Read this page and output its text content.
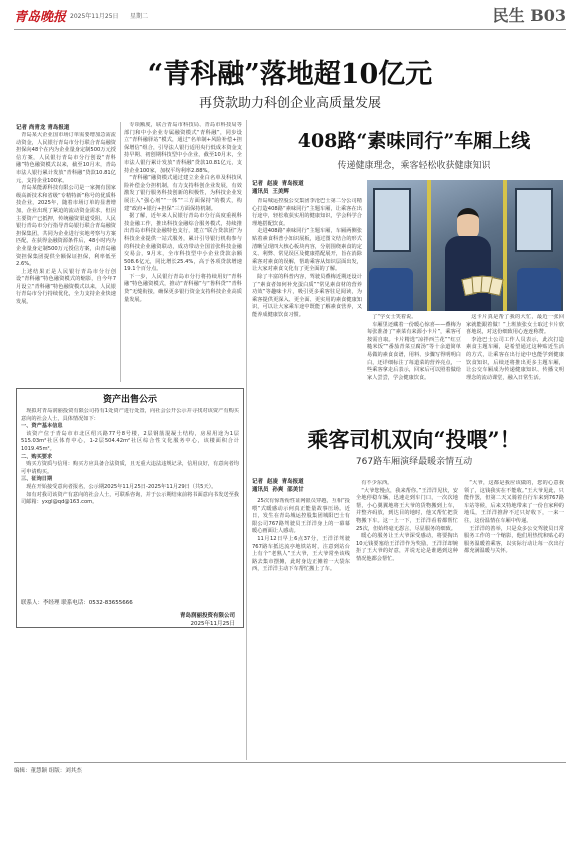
青岛晚报 2025年11月25日 星期二	民生 B03
“青科融”落地超10亿元
再贷款助力科创企业高质量发展
记者 尚青龙 青岛报道

青岛某大企业国市场订单需要增加急需流动资金，人民银行青岛市分行联合青岛融资担保向48个在内为企业量身定制500万元授信方案，人民银行青岛市分行创设“青科融”特色融资模式以来，截至10月末，青岛市法人银行累计发放“青科融”贷款10.81亿元，支持企业100家。

青岛某能源科技有限公司是一家拥有国家级高新技术和省级“专精特新”称号的优质科技企业，2025年，随着市场订单的显著增加，企业出现了紧迫的流动资金需求，但因主要资产已抵押，传统融资渠道受阻。人民银行青岛市分行指导青岛银行联合青岛融资担保集团，共同为企业进行实地考察与方案匹配，在获得金融资源条件后，48小时内为企业量身定制500万元授信方案，由青岛融资担保集团提供全额保证担保，利率低至2.6%。

上述结果正是人民银行青岛市分行创设“青科融”特色融资模式的缩影，自今年7月设立“青科融”特色融资模式以来，人民银行青岛市分行持续优化，全力支持企业快速发展。

专项额度，联合青岛市科技局、青岛市科技局等部门和中小企业专属融资模式“青科融”，同步设立“青科融驿站”模式，通过“名单制+风险补偿+担保增信”组合，引导法人银行适用央行低成本资金支持早期、初创期科技型中小企业，截至10月末，全市法人银行累计发放“青科融”贷款10.81亿元，支持企业100家，加权平均利率2.88%。

“青科融”融资模式通过建立企业白名单及科技风险补偿金分担机制，有力支持科创企业发展，有效激发了银行服务科技创新的积极性，为科技企业发展注入“强心剂”“一体”“三方面保持”的模式，构建“政府+银行+担保”三方面保持机制。

据了解，近年来人民银行青岛市分行高度重视科技金融工作，推出科技金融综合服务模式，持续推出青岛市科技金融特色支行，建立“联合贷款团”为科技企业提供一站式服务，累计引导银行机构参与的科技企业融资联动，成功带动全国首张科技金融交易会，9月末，全市科技型中小企业贷款余额508.6亿元，同比增长25.4%，高于各项贷款增速19.1个百分点。

下一步，人民银行青岛市分行将持续用好“青科融”特色融资模式，推动“青科融”与“鲁科贷”“青科贷”无缝衔接，确保更多银行资金支持科技企业高质量发展。

408路“素味同行”车厢上线
传递健康理念，乘客轻松收获健康知识
记者  赵凌  青岛报道
通讯员  王美辉

青岛城运控股公交集团李沧巴士第二分公司精心打造408路“素味同行”主题车厢，让乘客在出行途中，轻松收获实用的健康知识，学会科学合理地搭配饮食。

走进408路“素味同行”主题车厢，车厢两侧张贴着素食科普小知识展板，通过图文结合的形式清晰呈现四大核心板块内容，分别围绕素食的定义、利弊、常见误区及健康搭配展开，旨在消除乘客对素食的误解，帮助乘客从知识层面出发，让大家对素食文化有了更全面的了解。

除了丰富的科普内容，驾驶员叠梅近期还设计了“素食者如何补充蛋白质”“常见素食材的营养功效”等趣味卡片，吸引更多乘客驻足阅读，为乘客提供更深入、更全面、更实用的素食健康知识，可以让大家乘车途中既能了解素食营养，又能养成健康饮食习惯。	了“学女士笑着说。

车厢里还藏着一份暖心惊喜——叠梅为每张准备了“素菜有来源小卡片”，乘客可按需自取。卡片精选“凉拌西兰花”“红豆糙米饭”“番茄青菜豆腐汤”等十余道简单易做的素食食谱，用料、步骤写得明明白白，还详细标注了每道菜的营养亮点，一些乘客拿走后表示，回家后可以照着做给家人尝尝，学会健康饮食。

这卡片真是帮了我的大忙，最近一张回家就能跟着做！”上班族张女士取过卡片欣喜地说，对这份细致用心连连称赞。

李沧巴士公司工作人员表示，此次打造素食主题车厢，是希望通过这种贴近生活的方式，让乘客在出行途中也能学到健康饮食知识，后续还将推出更多主题车厢，让公交车厢成为传递健康知识、传播文明理念的流动课堂，融入日常生活。

资产出售公示

现拟对青岛润丽投资有限公司持有1处资产进行处置，向社会公开公示并寻找对该资产有购买意向的社会人士，具体情况如下：

一、资产基本信息

该资产位于青岛市市北区绍兴路77号8号楼，2层钢筋混凝土结构，房屋用途为1层515.03m²社区体育中心，1-2层504.42m²社区综合性文化服务中心，该楼面积合计1019.45m²。

二、购买要求

购买方资质与信用：购买方应具备合法资质，且无重大违法违规记录，信用良好，有意向者均可申请购买。

三、征询日期

现在开始接受意向者报名，公示期2025年11月25日-2025年11月29日（共5天）。

如有对我司该资产有意向的社会人士，可联系咨询，并于公示期结束前将书面意向书发送至我司邮箱：yxgl@qd@163.com。

联系人：李经理 联系电话：0532-83655666
青岛润丽投资有限公司
2025年11月25日
乘客司机双向“投喂”！
767路车厢演绎最暖亲情互动
记者  赵凌  青岛报道
通讯员  孙爽  邵美甘

25次有惊帮衔性证网银员穿越，互相“投喂”式暖感动示何真正能量故事压场。近日，发生在青岛城运控股集团城阳巴士有限公司767路驾驶员王洋洋身上的一幕幕暖心画面让人感动。

11月12日早上6点37分，王洋洋驾驶767路车抵达流亭地铁站时，注意到站台上有个“老熟人”王大爷，王大爷常坐该线路去集市摆摊，此时身边正摊着一大袋东西，王洋洋主动下车帮忙搬上了车。

有不少东西。

“大爷您慢点，我来帮你。”王洋洋见状，安全地停稳车辆，迅速走到车门口，一次次地帮，小心翼翼地将王大爷的货物搬到上车，并整齐码放，到达目的地时，他又帮忙把货物搬下车。这一上一下，王洋洋看着都帮忙25次，但始终毫无怨言，尽显服务的细致。

暖心的服务让王大爷深受感动，将要掏出10元钱要塞给王洋洋作为奖励，王洋洋却婉拒了王大爷的好意，并说无论是谁遇到这种情况他都会帮忙。

“大爷，这都是我应该做的，您的心意我领了，这钱我实在不能收。”王大爷见此，只能作罢，但第二天又骑着自行车来到767路车站等候，后来又特地带来了一份自家种的地瓜，王洋洋推辞不过只好收下，一来一往，这份温情在车厢中传递。

王洋洋的善举，只是众多公交驾驶员日常服务工作的一个缩影，他们用热忱和贴心的服务温暖着乘客，以实际行动让每一次出行都充满温暖与关怀。

编辑：董慧颖 组版：刘其杰
